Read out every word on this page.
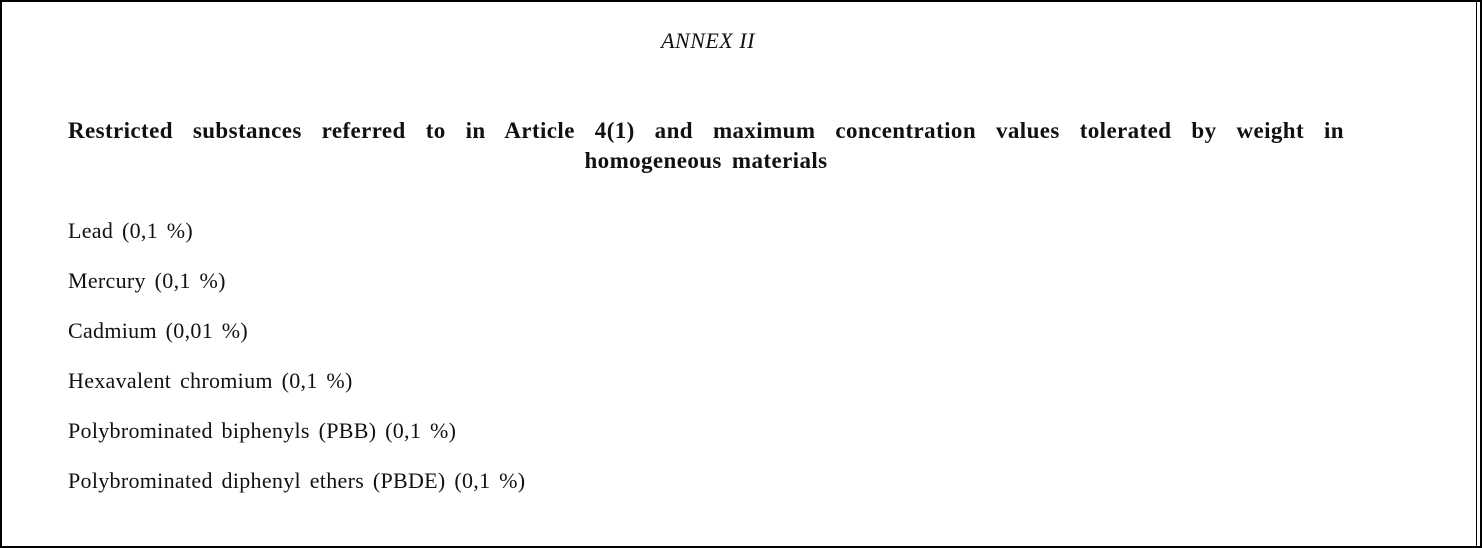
ANNEX II
Restricted substances referred to in Article 4(1) and maximum concentration values tolerated by weight in homogeneous materials
Lead (0,1 %)
Mercury (0,1 %)
Cadmium (0,01 %)
Hexavalent chromium (0,1 %)
Polybrominated biphenyls (PBB) (0,1 %)
Polybrominated diphenyl ethers (PBDE) (0,1 %)
